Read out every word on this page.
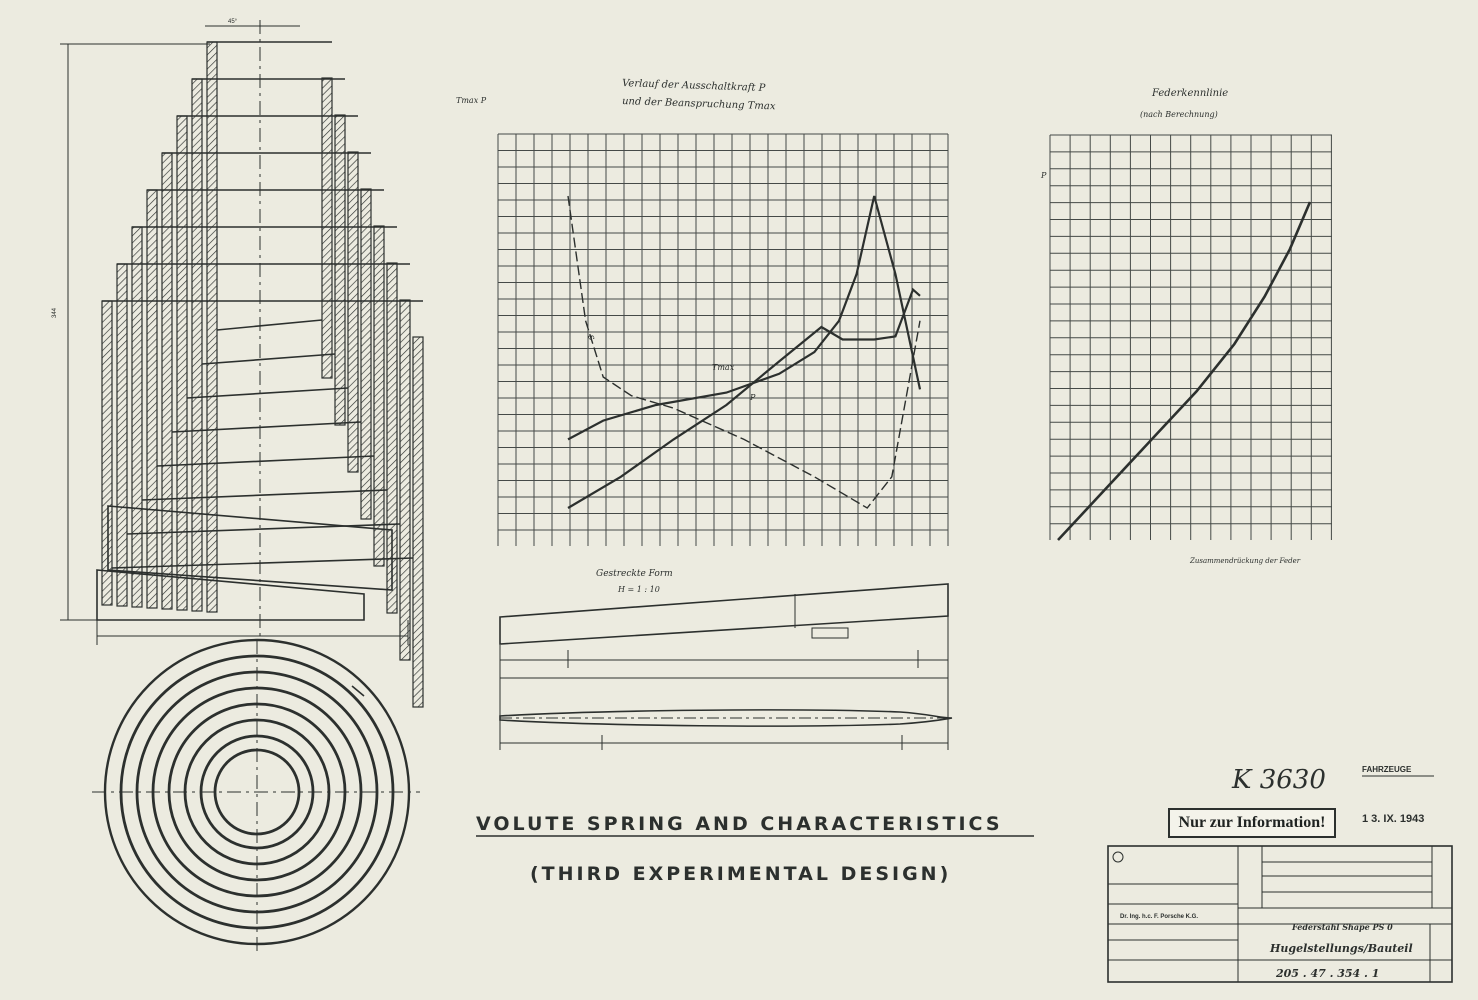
344
45°
Verlauf der Ausschaltkraft P
und der Beanspruchung Tmax
Tmax P
Tmax
P
s
Gestreckte Form
H = 1 : 10
Federkennlinie
(nach Berechnung)
P
Zusammendrückung der Feder
VOLUTE SPRING AND CHARACTERISTICS
(THIRD EXPERIMENTAL DESIGN)
K 3630	FAHRZEUGE
1 3. IX. 1943
Dr. Ing. h.c. F. Porsche K.G.
Federstahl Shape PS 0
Hugelstellungs/Bauteil
205 . 47 . 354 . 1
Nur zur Information!
